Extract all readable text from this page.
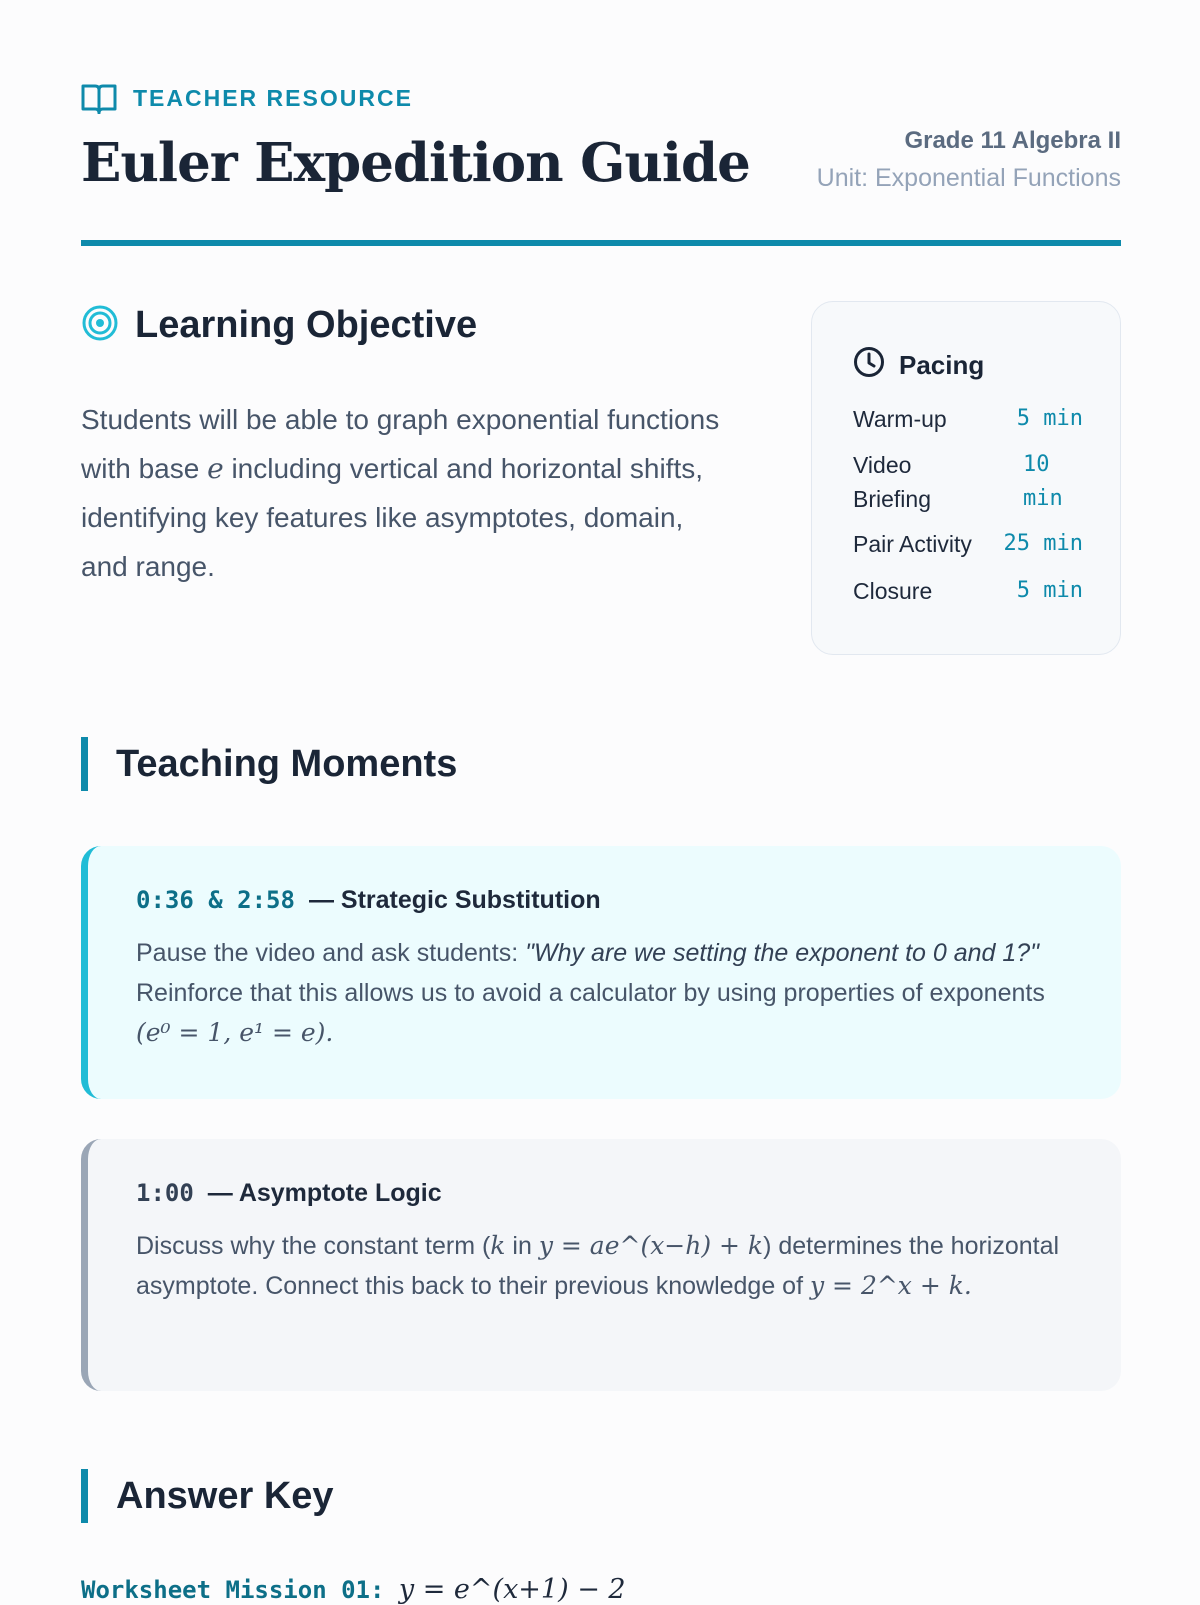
TEACHER RESOURCE
Euler Expedition Guide	Grade 11 Algebra II
Unit: Exponential Functions
Learning Objective

Students will be able to graph exponential functions with base e including vertical and horizontal shifts, identifying key features like asymptotes, domain, and range.

Pacing
Warm-up	5 min
Video Briefing
10 min
Pair Activity	25 min
Closure	5 min
Teaching Moments
0:36 & 2:58 — Strategic Substitution
Pause the video and ask students: "Why are we setting the exponent to 0 and 1?" Reinforce that this allows us to avoid a calculator by using properties of exponents (e⁰ = 1, e¹ = e).
1:00 — Asymptote Logic
Discuss why the constant term (k in y = ae^(x−h) + k) determines the horizontal asymptote. Connect this back to their previous knowledge of y = 2^x + k.
Answer Key
Worksheet Mission 01: y = e^(x+1) − 2
